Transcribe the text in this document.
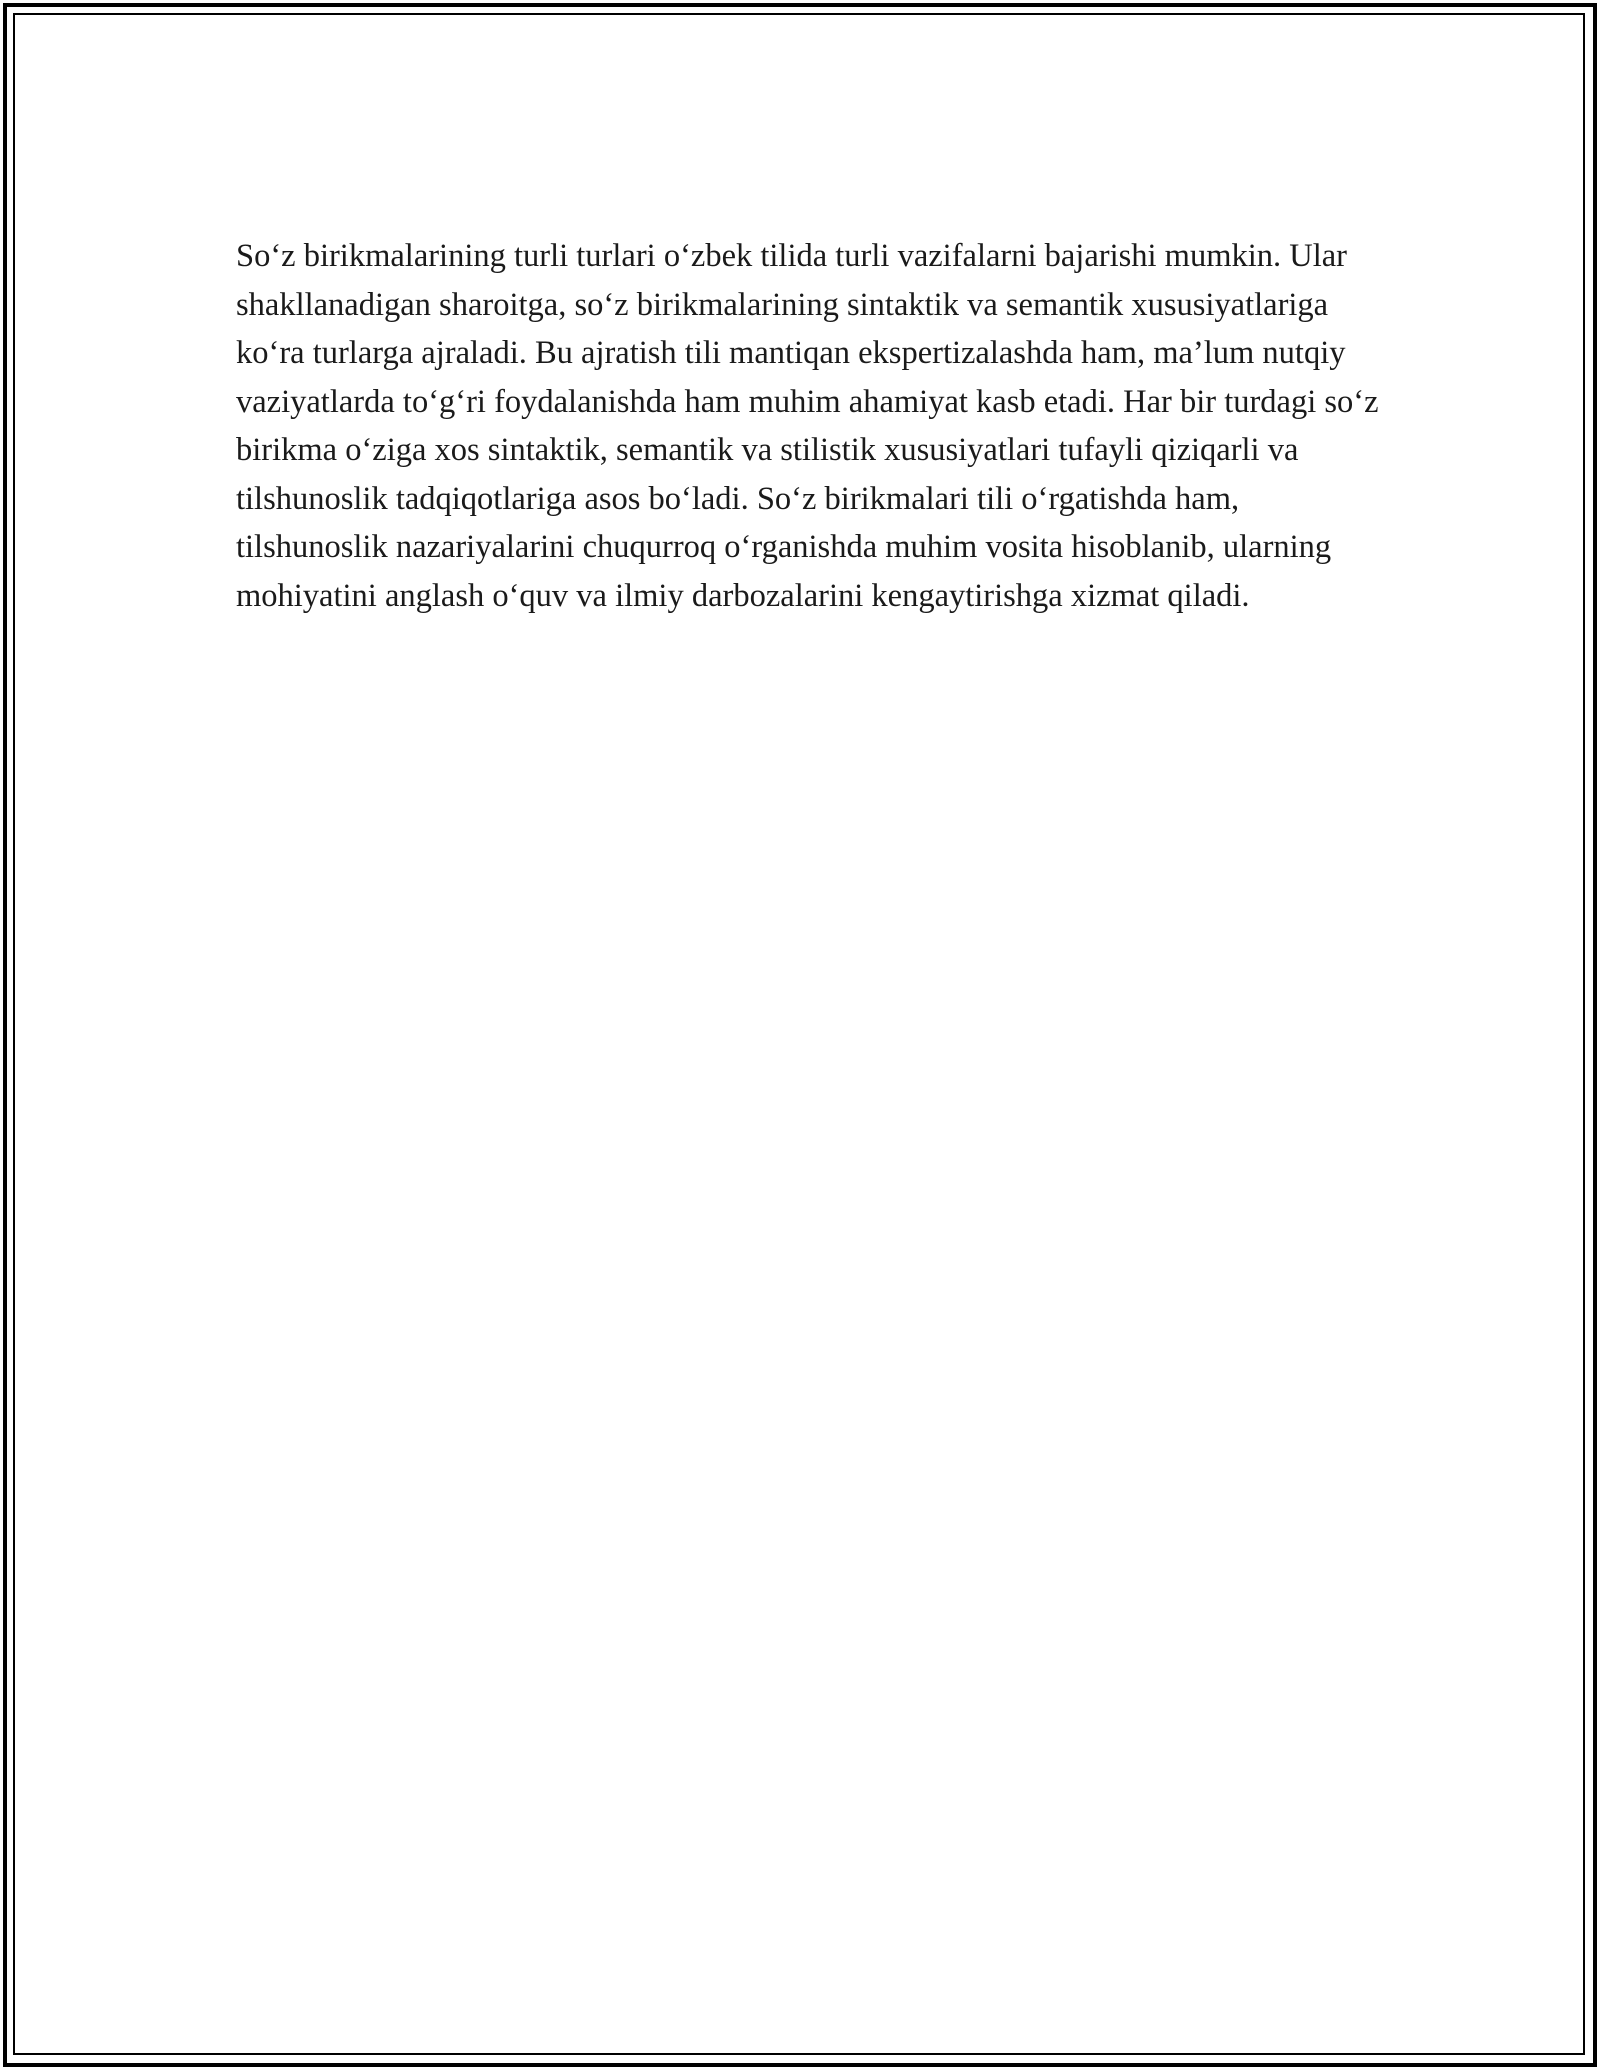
So‘z birikmalarining turli turlari o‘zbek tilida turli vazifalarni bajarishi mumkin. Ular shakllanadigan sharoitga, so‘z birikmalarining sintaktik va semantik xususiyatlariga ko‘ra turlarga ajraladi. Bu ajratish tili mantiqan ekspertizalashda ham, ma’lum nutqiy vaziyatlarda to‘g‘ri foydalanishda ham muhim ahamiyat kasb etadi. Har bir turdagi so‘z birikma o‘ziga xos sintaktik, semantik va stilistik xususiyatlari tufayli qiziqarli va tilshunoslik tadqiqotlariga asos bo‘ladi. So‘z birikmalari tili o‘rgatishda ham, tilshunoslik nazariyalarini chuqurroq o‘rganishda muhim vosita hisoblanib, ularning mohiyatini anglash o‘quv va ilmiy darbozalarini kengaytirishga xizmat qiladi.
